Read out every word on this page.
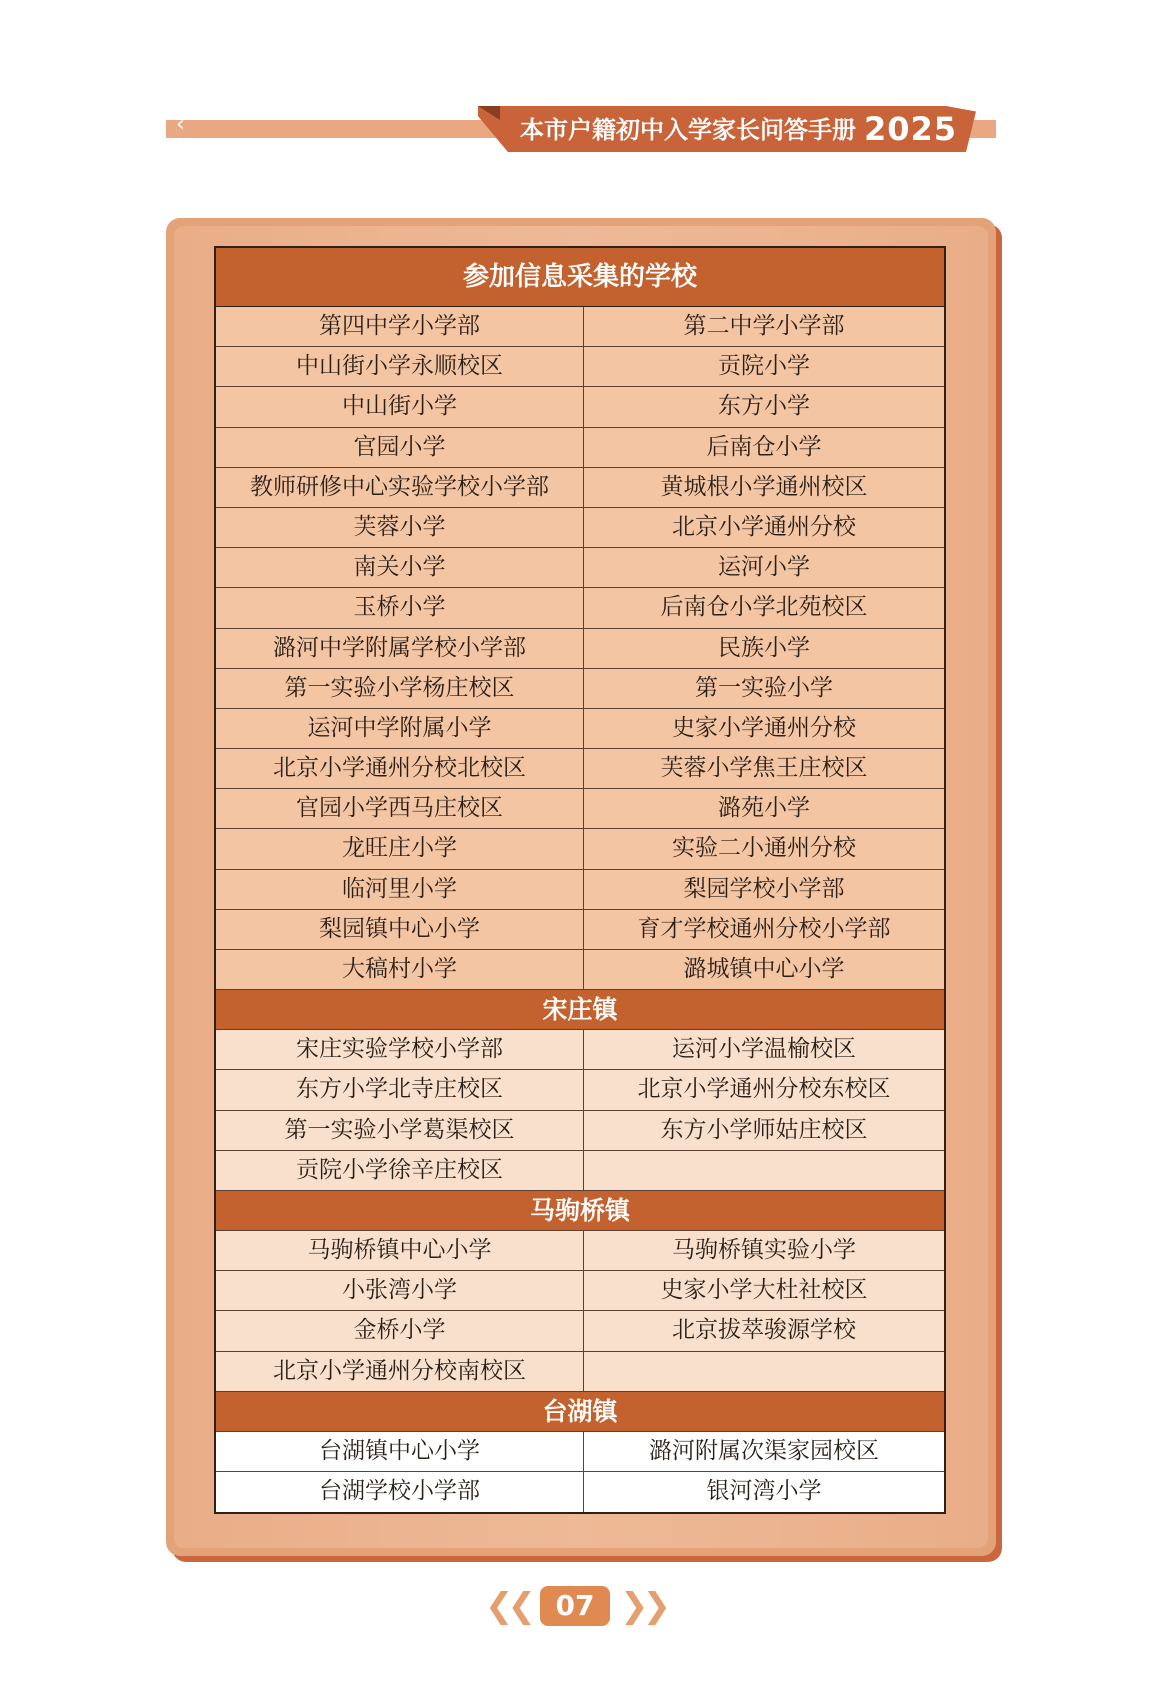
‹	本市户籍初中入学家长问答手册 2025
参加信息采集的学校
第四中学小学部	第二中学小学部
中山街小学永顺校区	贡院小学
中山街小学	东方小学
官园小学	后南仓小学
教师研修中心实验学校小学部	黄城根小学通州校区
芙蓉小学	北京小学通州分校
南关小学	运河小学
玉桥小学	后南仓小学北苑校区
潞河中学附属学校小学部	民族小学
第一实验小学杨庄校区	第一实验小学
运河中学附属小学	史家小学通州分校
北京小学通州分校北校区	芙蓉小学焦王庄校区
官园小学西马庄校区	潞苑小学
龙旺庄小学	实验二小通州分校
临河里小学	梨园学校小学部
梨园镇中心小学	育才学校通州分校小学部
大稿村小学	潞城镇中心小学
宋庄镇
宋庄实验学校小学部	运河小学温榆校区
东方小学北寺庄校区	北京小学通州分校东校区
第一实验小学葛渠校区	东方小学师姑庄校区
贡院小学徐辛庄校区
马驹桥镇
马驹桥镇中心小学	马驹桥镇实验小学
小张湾小学	史家小学大杜社校区
金桥小学	北京拔萃骏源学校
北京小学通州分校南校区
台湖镇
台湖镇中心小学	潞河附属次渠家园校区
台湖学校小学部	银河湾小学
❮❮ 07 ❯❯
